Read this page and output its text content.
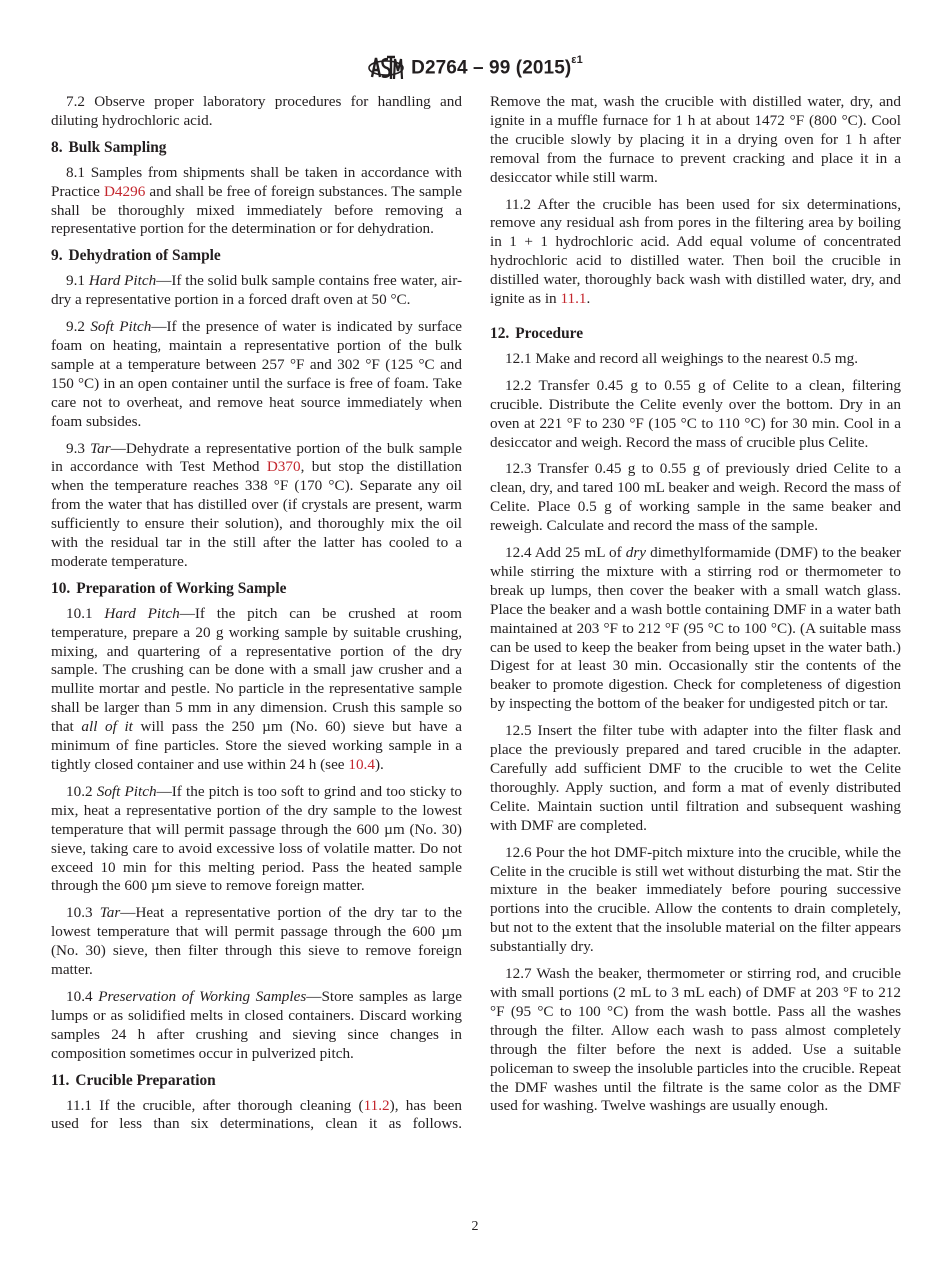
D2764 – 99 $(2015)^{\varepsilon 1}$

7.2 Observe proper laboratory procedures for handling and diluting hydrochloric acid.

8. Bulk Sampling

8.1 Samples from shipments shall be taken in accordance with Practice D4296 and shall be free of foreign substances. The sample shall be thoroughly mixed immediately before removing a representative portion for the determination or for dehydration.

9. Dehydration of Sample

9.1 Hard Pitch—If the solid bulk sample contains free water, air-dry a representative portion in a forced draft oven at 50 °C.

9.2 Soft Pitch—If the presence of water is indicated by surface foam on heating, maintain a representative portion of the bulk sample at a temperature between 257 °F and 302 °F (125 °C and 150 °C) in an open container until the surface is free of foam. Take care not to overheat, and remove heat source immediately when foam subsides.

9.3 Tar—Dehydrate a representative portion of the bulk sample in accordance with Test Method D370, but stop the distillation when the temperature reaches 338 °F (170 °C). Separate any oil from the water that has distilled over (if crystals are present, warm sufficiently to ensure their solution), and thoroughly mix the oil with the residual tar in the still after the latter has cooled to a moderate temperature.

10. Preparation of Working Sample

10.1 Hard Pitch—If the pitch can be crushed at room temperature, prepare a 20 g working sample by suitable crushing, mixing, and quartering of a representative portion of the dry sample. The crushing can be done with a small jaw crusher and a mullite mortar and pestle. No particle in the representative sample shall be larger than 5 mm in any dimension. Crush this sample so that all of it will pass the 250 µm (No. 60) sieve but have a minimum of fine particles. Store the sieved working sample in a tightly closed container and use within 24 h (see 10.4).

10.2 Soft Pitch—If the pitch is too soft to grind and too sticky to mix, heat a representative portion of the dry sample to the lowest temperature that will permit passage through the 600 µm (No. 30) sieve, taking care to avoid excessive loss of volatile matter. Do not exceed 10 min for this melting period. Pass the heated sample through the 600 µm sieve to remove foreign matter.

10.3 Tar—Heat a representative portion of the dry tar to the lowest temperature that will permit passage through the 600 µm (No. 30) sieve, then filter through this sieve to remove foreign matter.

10.4 Preservation of Working Samples—Store samples as large lumps or as solidified melts in closed containers. Discard working samples 24 h after crushing and sieving since changes in composition sometimes occur in pulverized pitch.

11. Crucible Preparation

11.1 If the crucible, after thorough cleaning (11.2), has been used for less than six determinations, clean it as follows.

Remove the mat, wash the crucible with distilled water, dry, and ignite in a muffle furnace for 1 h at about 1472 °F (800 °C). Cool the crucible slowly by placing it in a drying oven for 1 h after removal from the furnace to prevent cracking and place it in a desiccator while still warm.

11.2 After the crucible has been used for six determinations, remove any residual ash from pores in the filtering area by boiling in 1 + 1 hydrochloric acid. Add equal volume of concentrated hydrochloric acid to distilled water. Then boil the crucible in distilled water, thoroughly back wash with distilled water, dry, and ignite as in 11.1.

12. Procedure

12.1 Make and record all weighings to the nearest 0.5 mg.

12.2 Transfer 0.45 g to 0.55 g of Celite to a clean, filtering crucible. Distribute the Celite evenly over the bottom. Dry in an oven at 221 °F to 230 °F (105 °C to 110 °C) for 30 min. Cool in a desiccator and weigh. Record the mass of crucible plus Celite.

12.3 Transfer 0.45 g to 0.55 g of previously dried Celite to a clean, dry, and tared 100 mL beaker and weigh. Record the mass of Celite. Place 0.5 g of working sample in the same beaker and reweigh. Calculate and record the mass of the sample.

12.4 Add 25 mL of dry dimethylformamide (DMF) to the beaker while stirring the mixture with a stirring rod or thermometer to break up lumps, then cover the beaker with a small watch glass. Place the beaker and a wash bottle containing DMF in a water bath maintained at 203 °F to 212 °F (95 °C to 100 °C). (A suitable mass can be used to keep the beaker from being upset in the water bath.) Digest for at least 30 min. Occasionally stir the contents of the beaker to promote digestion. Check for completeness of digestion by inspecting the bottom of the beaker for undigested pitch or tar.

12.5 Insert the filter tube with adapter into the filter flask and place the previously prepared and tared crucible in the adapter. Carefully add sufficient DMF to the crucible to wet the Celite thoroughly. Apply suction, and form a mat of evenly distributed Celite. Maintain suction until filtration and subsequent washing with DMF are completed.

12.6 Pour the hot DMF-pitch mixture into the crucible, while the Celite in the crucible is still wet without disturbing the mat. Stir the mixture in the beaker immediately before pouring successive portions into the crucible. Allow the contents to drain completely, but not to the extent that the insoluble material on the filter appears substantially dry.

12.7 Wash the beaker, thermometer or stirring rod, and crucible with small portions (2 mL to 3 mL each) of DMF at 203 °F to 212 °F (95 °C to 100 °C) from the wash bottle. Pass all the washes through the filter. Allow each wash to pass almost completely through the filter before the next is added. Use a suitable policeman to sweep the insoluble particles into the crucible. Repeat the DMF washes until the filtrate is the same color as the DMF used for washing. Twelve washings are usually enough.

2
